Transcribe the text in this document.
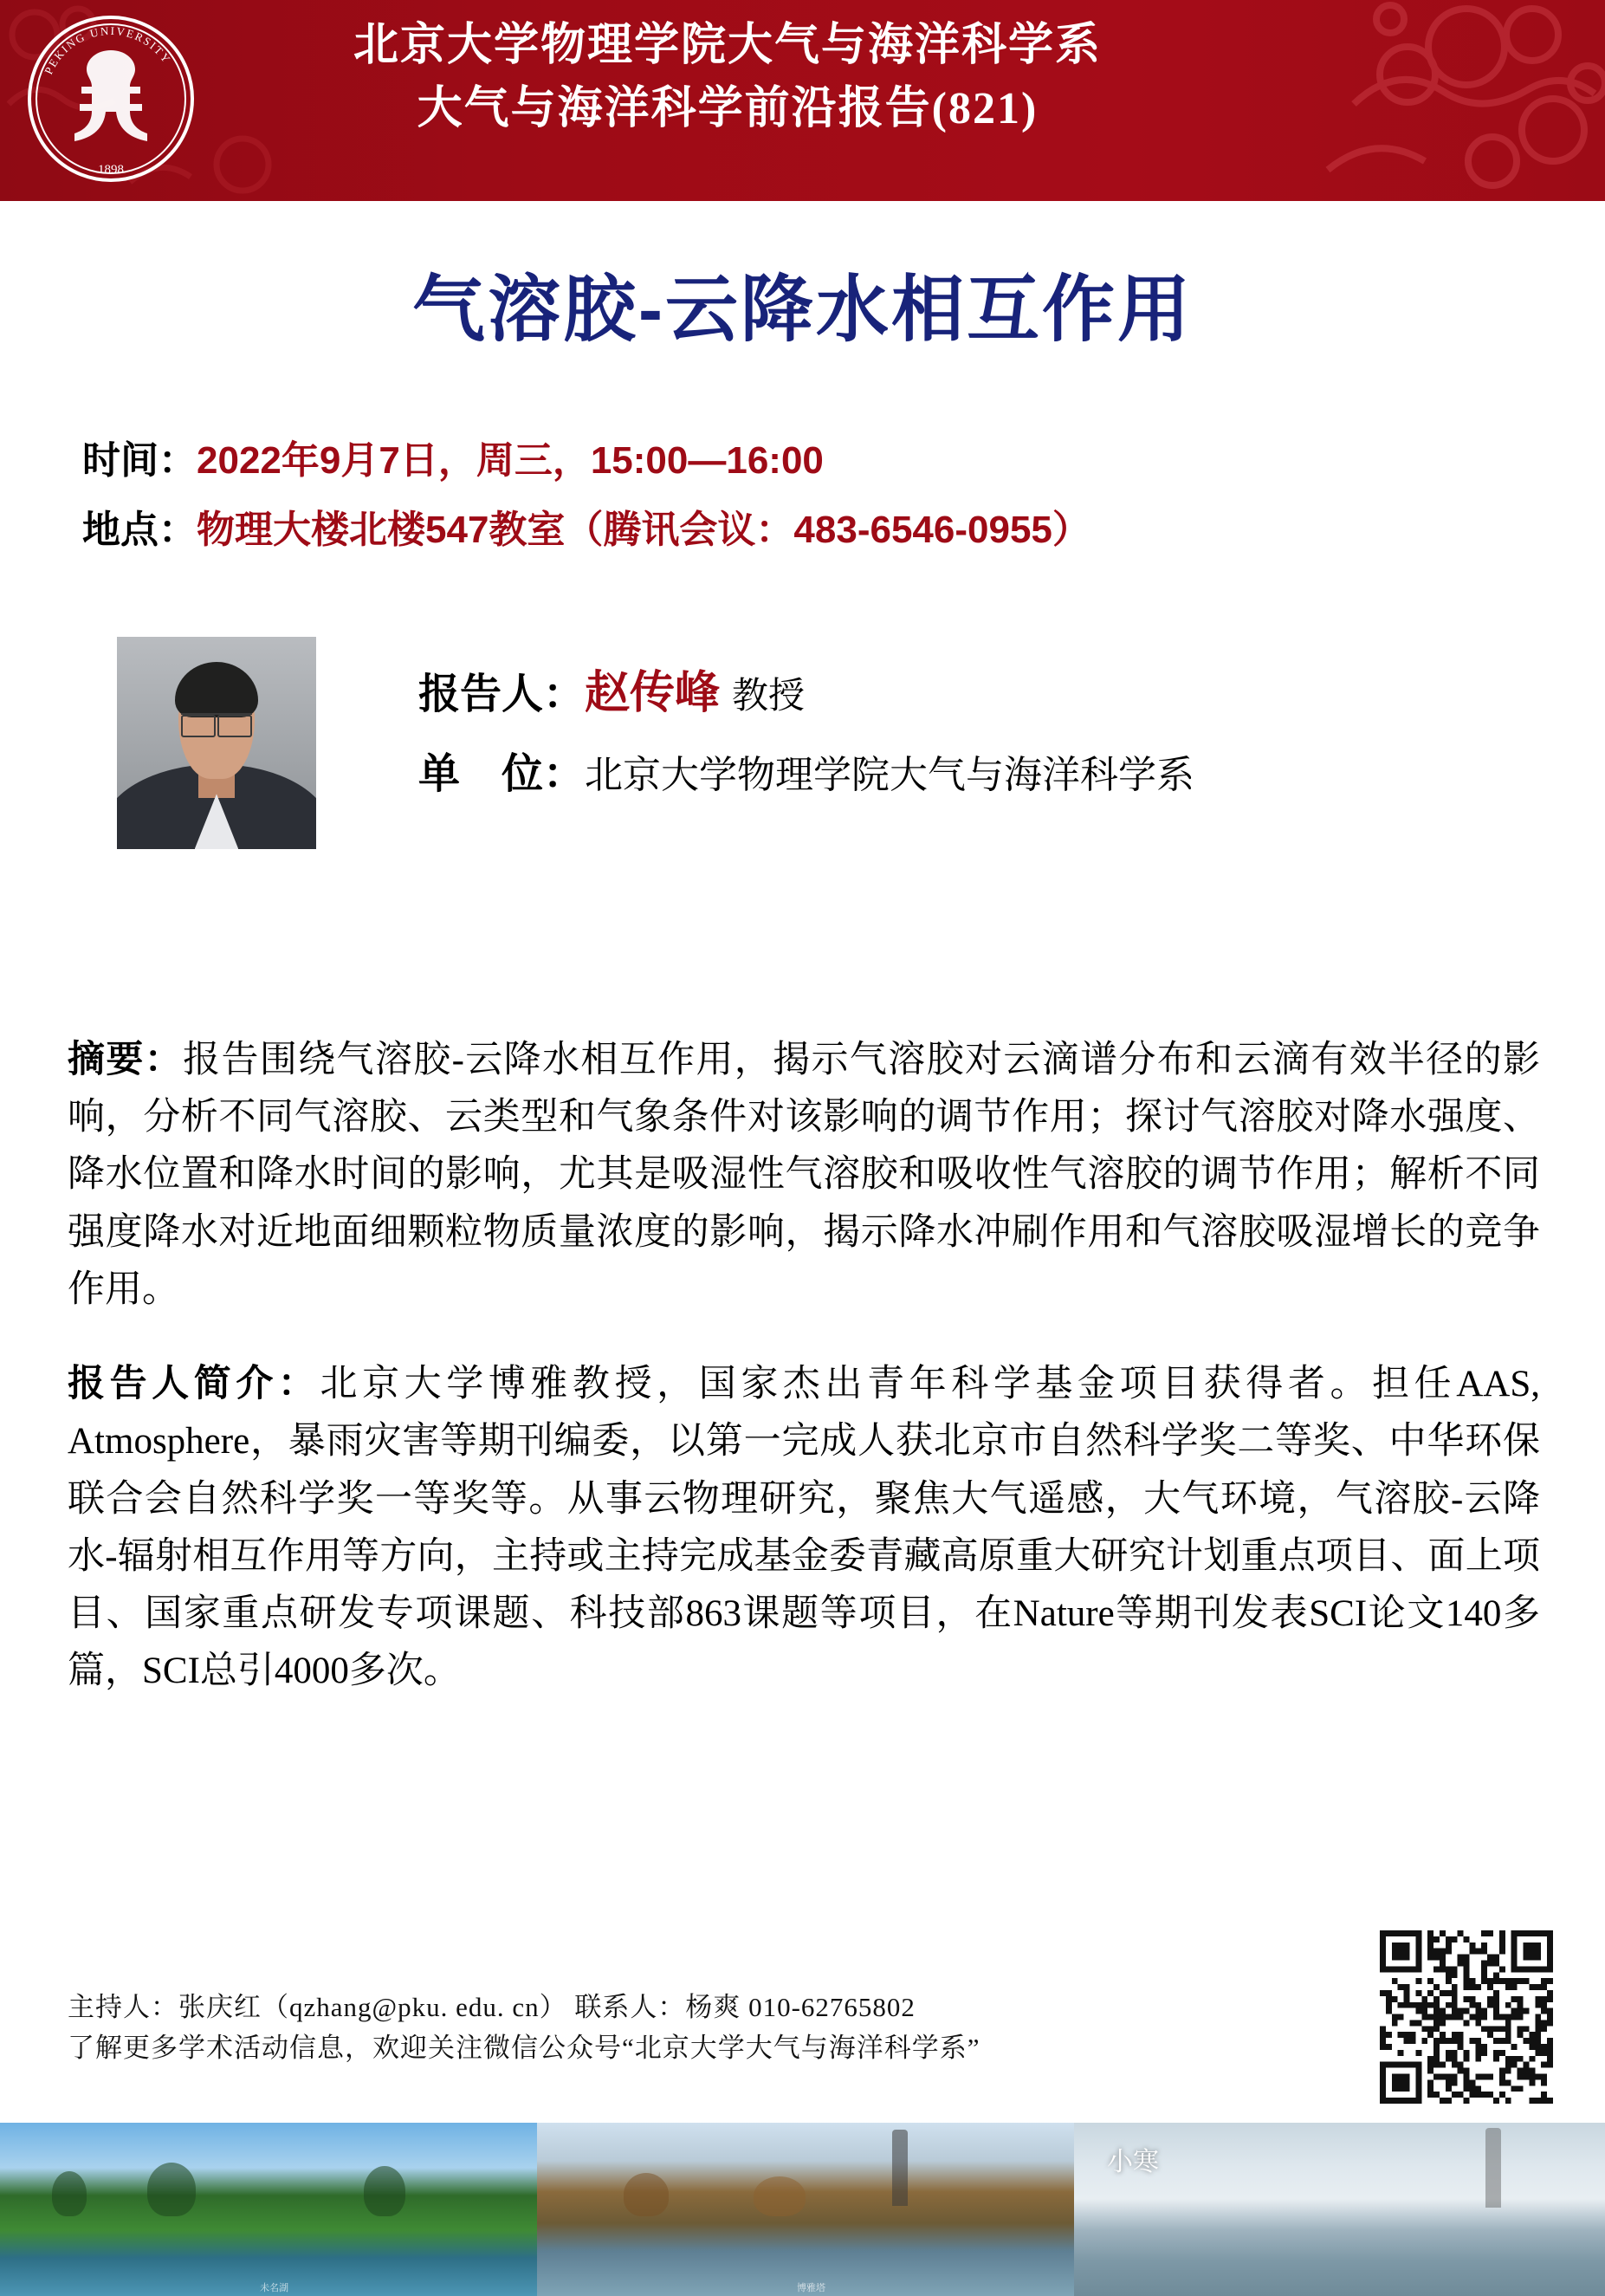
1898
PEKING UNIVERSITY	北京大学物理学院大气与海洋科学系
大气与海洋科学前沿报告(821)
气溶胶-云降水相互作用
时间： 2022年9月7日，周三，15:00—16:00
地点： 物理大楼北楼547教室（腾讯会议：483-6546-0955）
报告人： 赵传峰 教授
单　位： 北京大学物理学院大气与海洋科学系

摘要：报告围绕气溶胶-云降水相互作用，揭示气溶胶对云滴谱分布和云滴有效半径的影响，分析不同气溶胶、云类型和气象条件对该影响的调节作用；探讨气溶胶对降水强度、降水位置和降水时间的影响，尤其是吸湿性气溶胶和吸收性气溶胶的调节作用；解析不同强度降水对近地面细颗粒物质量浓度的影响，揭示降水冲刷作用和气溶胶吸湿增长的竞争作用。

报告人简介：北京大学博雅教授，国家杰出青年科学基金项目获得者。担任AAS, Atmosphere，暴雨灾害等期刊编委，以第一完成人获北京市自然科学奖二等奖、中华环保联合会自然科学奖一等奖等。从事云物理研究，聚焦大气遥感，大气环境，气溶胶-云降水-辐射相互作用等方向，主持或主持完成基金委青藏高原重大研究计划重点项目、面上项目、国家重点研发专项课题、科技部863课题等项目，在Nature等期刊发表SCI论文140多篇，SCI总引4000多次。

主持人：张庆红（qzhang@pku. edu. cn） 联系人：杨爽 010-62765802
了解更多学术活动信息，欢迎关注微信公众号“北京大学大气与海洋科学系”
未名湖	博雅塔
小寒
